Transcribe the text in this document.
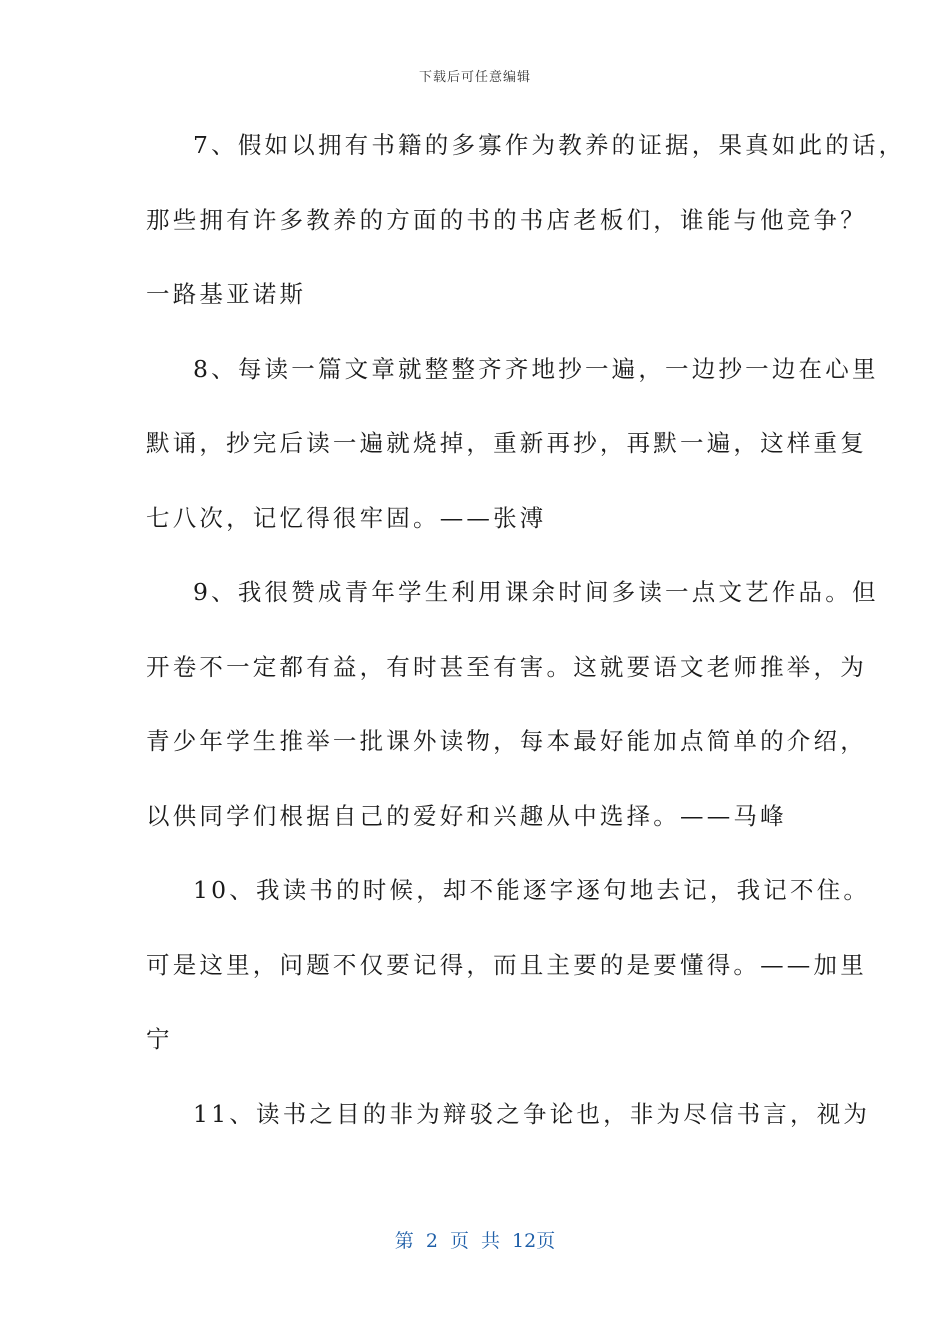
下载后可任意编辑
7、假如以拥有书籍的多寡作为教养的证据，果真如此的话，
那些拥有许多教养的方面的书的书店老板们，谁能与他竞争？
一路基亚诺斯
8、每读一篇文章就整整齐齐地抄一遍，一边抄一边在心里
默诵，抄完后读一遍就烧掉，重新再抄，再默一遍，这样重复
七八次，记忆得很牢固。——张溥
9、我很赞成青年学生利用课余时间多读一点文艺作品。但
开卷不一定都有益，有时甚至有害。这就要语文老师推举，为
青少年学生推举一批课外读物，每本最好能加点简单的介绍，
以供同学们根据自己的爱好和兴趣从中选择。——马峰
10、我读书的时候，却不能逐字逐句地去记，我记不住。
可是这里，问题不仅要记得，而且主要的是要懂得。——加里
宁
11、读书之目的非为辩驳之争论也，非为尽信书言，视为
第 2 页 共 12页
